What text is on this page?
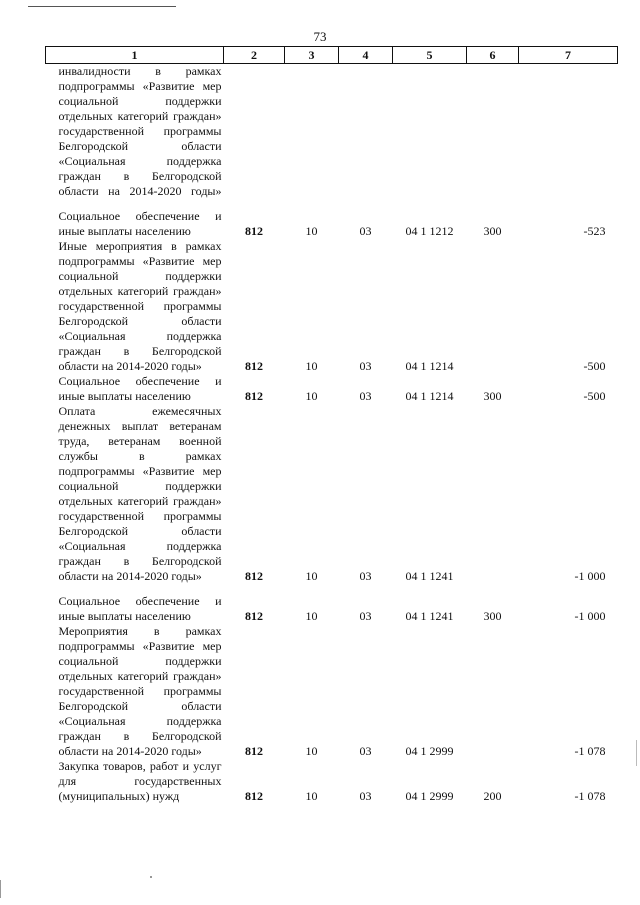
73
1	2	3	4	5	6	7
инвалидности в рамках подпрограммы «Развитие мер социальной поддержки отдельных категорий граждан» государственной программы Белгородской области «Социальная поддержка граждан в Белгородской области на 2014-2020 годы»						

Социальное обеспечение и иные выплаты населению	812	10	03	04 1 1212	300	-523
Иные мероприятия в рамках подпрограммы «Развитие мер социальной поддержки отдельных категорий граждан» государственной программы Белгородской области «Социальная поддержка граждан в Белгородской области на 2014-2020 годы»	812	10	03	04 1 1214		-500
Социальное обеспечение и иные выплаты населению	812	10	03	04 1 1214	300	-500
Оплата ежемесячных денежных выплат ветеранам труда, ветеранам военной службы в рамках подпрограммы «Развитие мер социальной поддержки отдельных категорий граждан» государственной программы Белгородской области «Социальная поддержка граждан в Белгородской области на 2014-2020 годы»	812	10	03	04 1 1241		-1 000

Социальное обеспечение и иные выплаты населению	812	10	03	04 1 1241	300	-1 000
Мероприятия в рамках подпрограммы «Развитие мер социальной поддержки отдельных категорий граждан» государственной программы Белгородской области «Социальная поддержка граждан в Белгородской области на 2014-2020 годы»	812	10	03	04 1 2999		-1 078
Закупка товаров, работ и услуг для государственных (муниципальных) нужд	812	10	03	04 1 2999	200	-1 078
